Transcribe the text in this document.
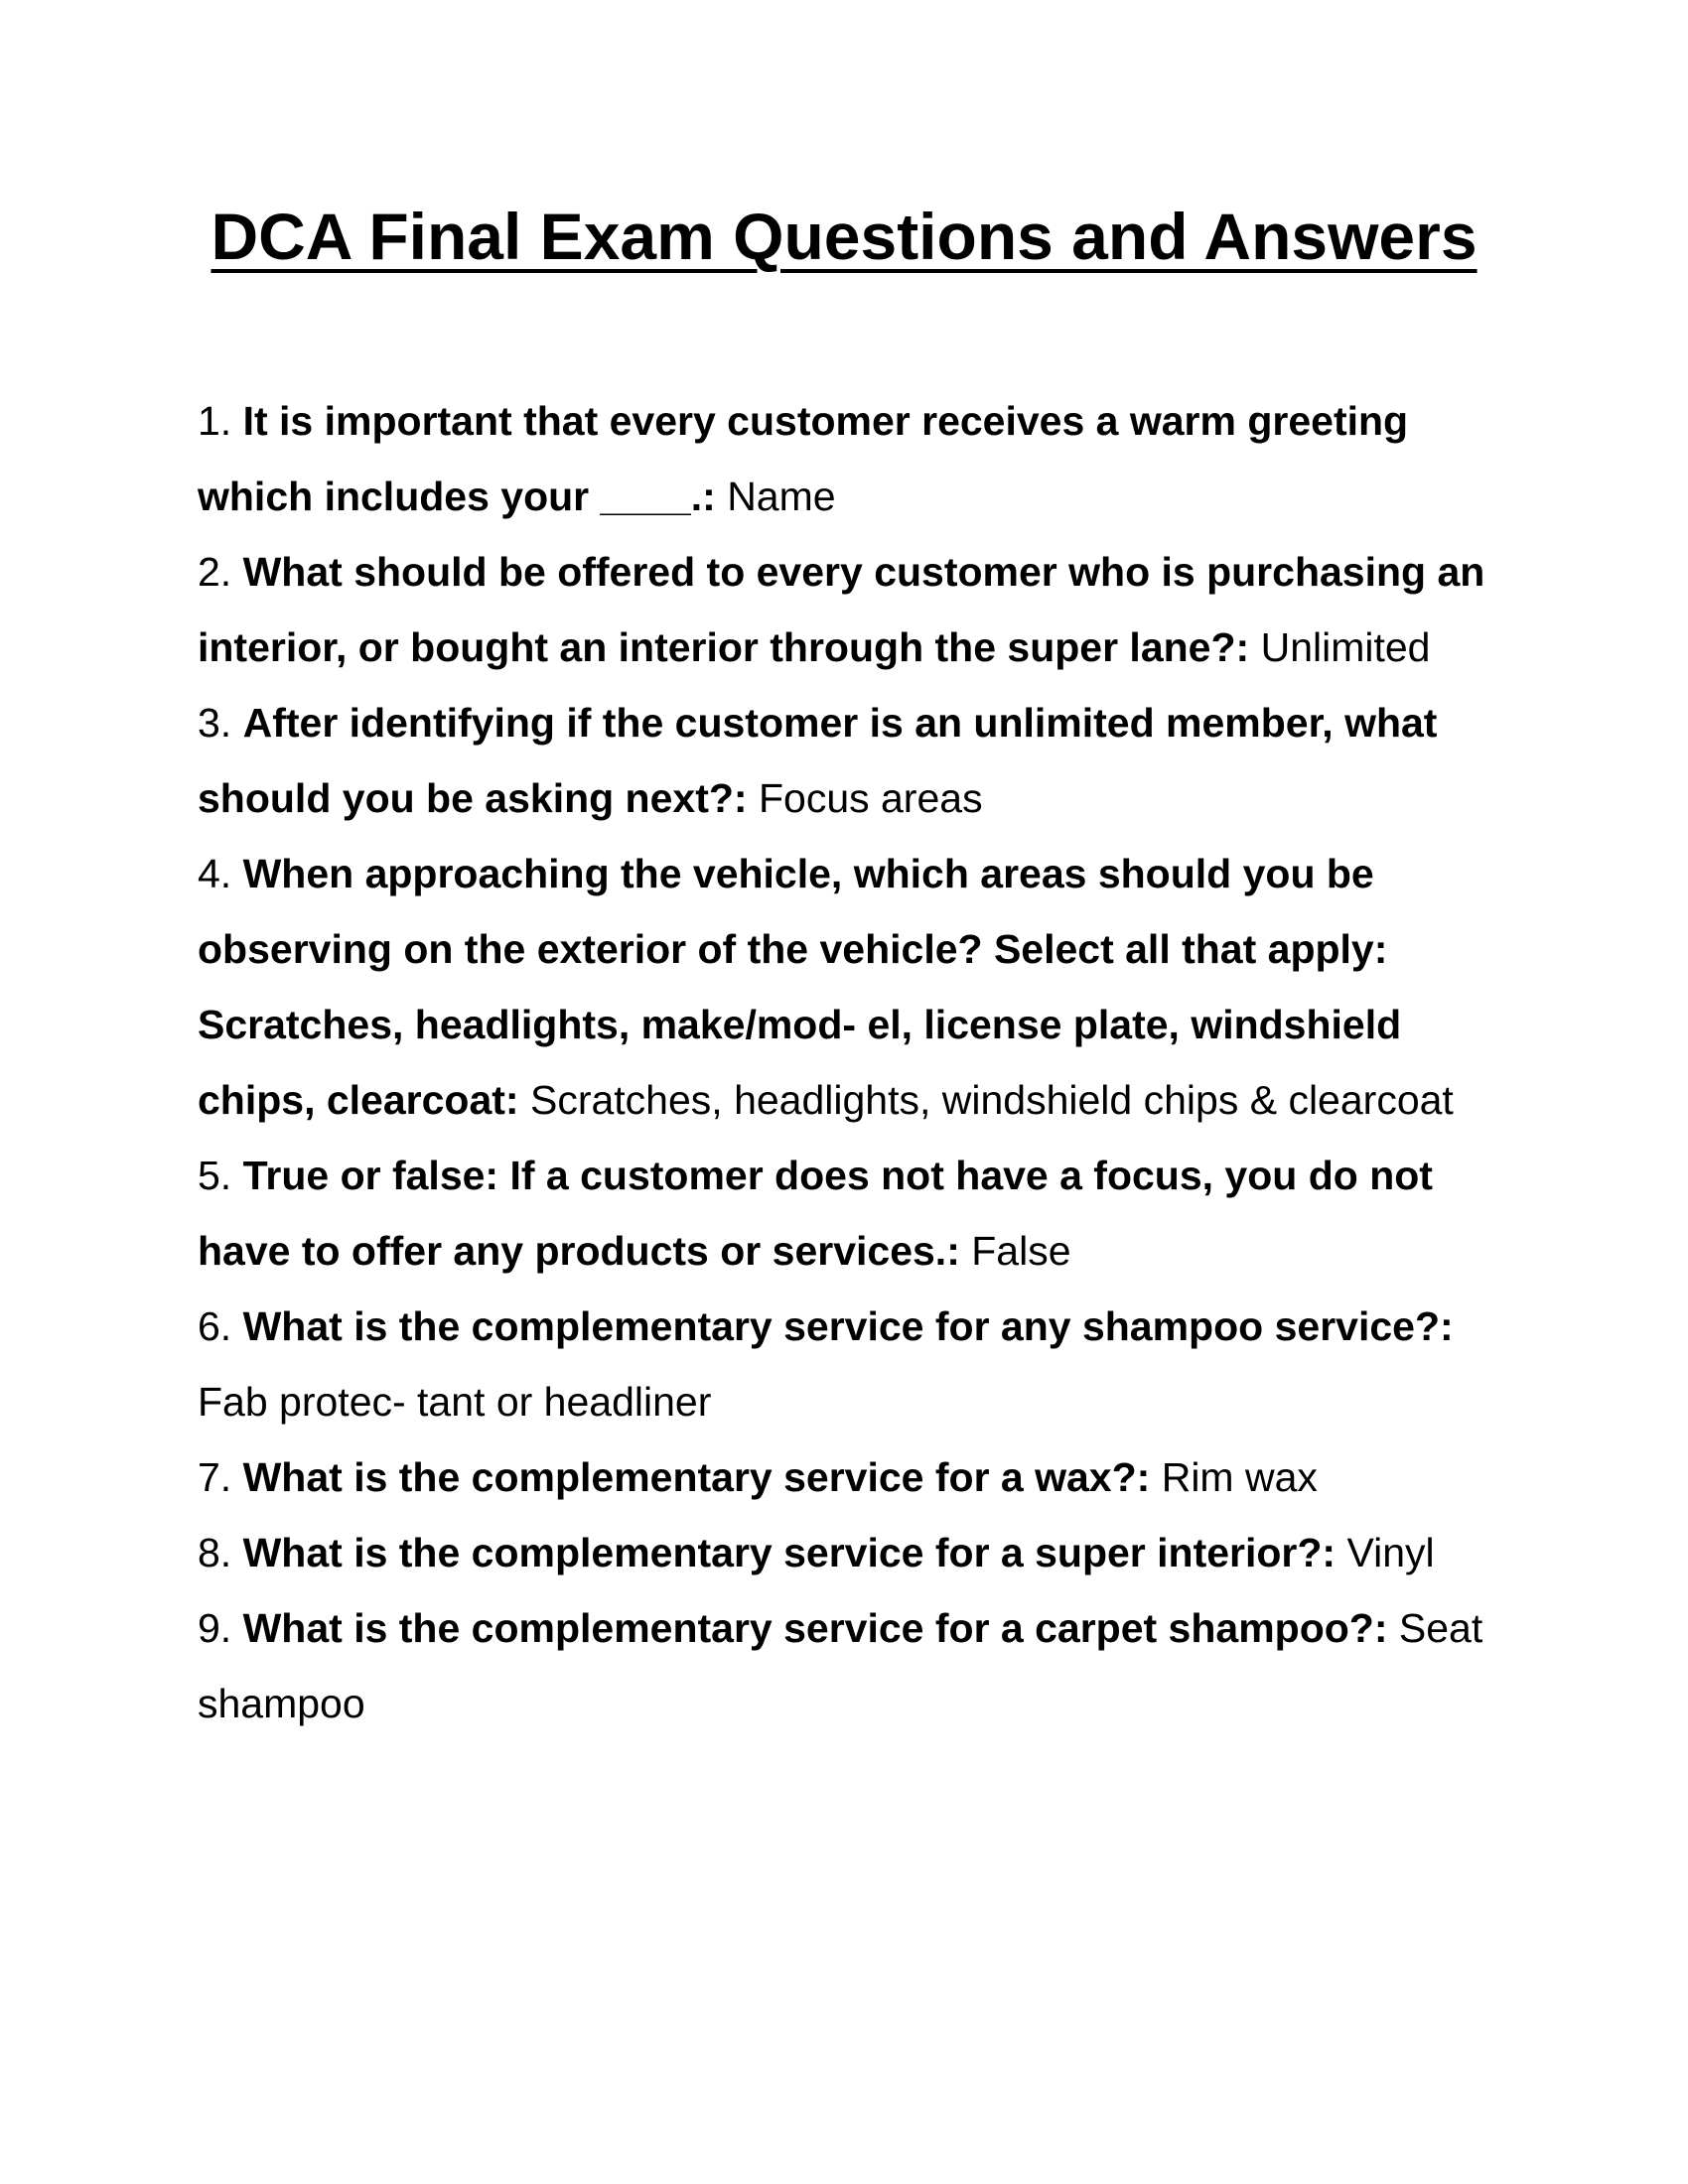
DCA Final Exam Questions and Answers

1. It is important that every customer receives a warm greeting which includes your ____.: Name

2. What should be offered to every customer who is purchasing an interior, or bought an interior through the super lane?: Unlimited

3. After identifying if the customer is an unlimited member, what should you be asking next?: Focus areas

4. When approaching the vehicle, which areas should you be observing on the exterior of the vehicle? Select all that apply: Scratches, headlights, make/mod- el, license plate, windshield chips, clearcoat: Scratches, headlights, windshield chips & clearcoat

5. True or false: If a customer does not have a focus, you do not have to offer any products or services.: False

6. What is the complementary service for any shampoo service?: Fab protec- tant or headliner

7. What is the complementary service for a wax?: Rim wax

8. What is the complementary service for a super interior?: Vinyl

9. What is the complementary service for a carpet shampoo?: Seat shampoo
